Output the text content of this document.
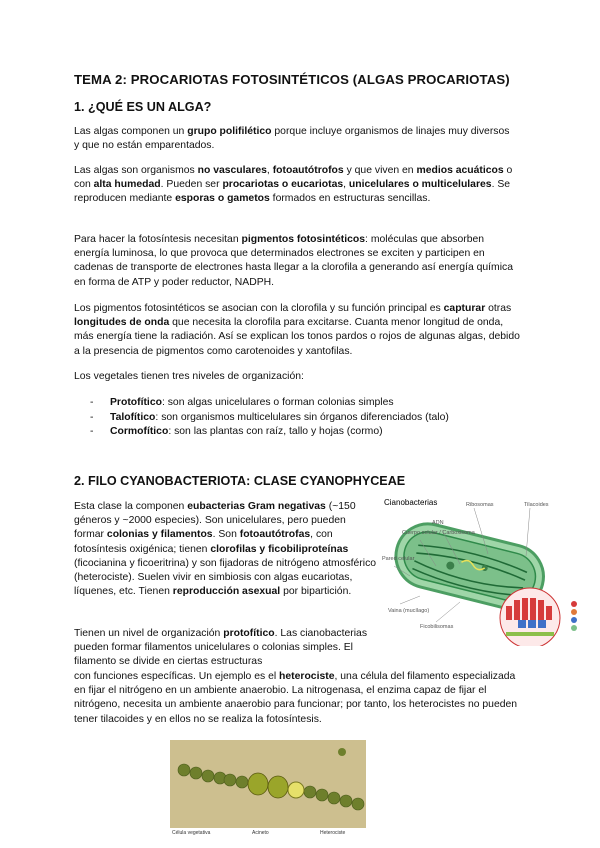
TEMA 2: PROCARIOTAS FOTOSINTÉTICOS (ALGAS PROCARIOTAS)
1. ¿QUÉ ES UN ALGA?

Las algas componen un grupo polifilético porque incluye organismos de linajes muy diversos y que no están emparentados.

Las algas son organismos no vasculares, fotoautótrofos y que viven en medios acuáticos o con alta humedad. Pueden ser procariotas o eucariotas, unicelulares o multicelulares. Se reproducen mediante esporas o gametos formados en estructuras sencillas.

Para hacer la fotosíntesis necesitan pigmentos fotosintéticos: moléculas que absorben energía luminosa, lo que provoca que determinados electrones se exciten y participen en cadenas de transporte de electrones hasta llegar a la clorofila a generando así energía química en forma de ATP y poder reductor, NADPH.

Los pigmentos fotosintéticos se asocian con la clorofila y su función principal es capturar otras longitudes de onda que necesita la clorofila para excitarse. Cuanta menor longitud de onda, más energía tiene la radiación. Así se explican los tonos pardos o rojos de algunas algas, debido a la presencia de pigmentos como carotenoides y xantofilas.

Los vegetales tienen tres niveles de organización:

- Protofítico: son algas unicelulares o forman colonias simples
- Talofítico: son organismos multicelulares sin órganos diferenciados (talo)
- Cormofítico: son las plantas con raíz, tallo y hojas (cormo)
2. FILO CYANOBACTERIOTA: CLASE CYANOPHYCEAE

Esta clase la componen eubacterias Gram negativas (~150 géneros y ~2000 especies). Son unicelulares, pero pueden formar colonias y filamentos. Son fotoautótrofas, con fotosíntesis oxigénica; tienen clorofilas y ficobiliproteínas (ficocianina y ficoeritrina) y son fijadoras de nitrógeno atmosférico (heterociste). Suelen vivir en simbiosis con algas eucariotas, líquenes, etc. Tienen reproducción asexual por bipartición.

Tienen un nivel de organización protofítico. Las cianobacterias pueden formar filamentos unicelulares o colonias simples. El filamento se divide en ciertas estructuras

con funciones específicas. Un ejemplo es el heterociste, una célula del filamento especializada en fijar el nitrógeno en un ambiente anaerobio. La nitrogenasa, el enzima capaz de fijar el nitrógeno, necesita un ambiente anaerobio para funcionar; por tanto, los heterocistes no pueden tener tilacoides y en ellos no se realiza la fotosíntesis.

Cianobacterias	Ribosomas	Tilacoides
ADN
Cuerpo celular / Carboxisoma
Pared celular
Vaina (mucílago)
Ficobilisomas
Célula vegetativa	Acineto	Heterociste
